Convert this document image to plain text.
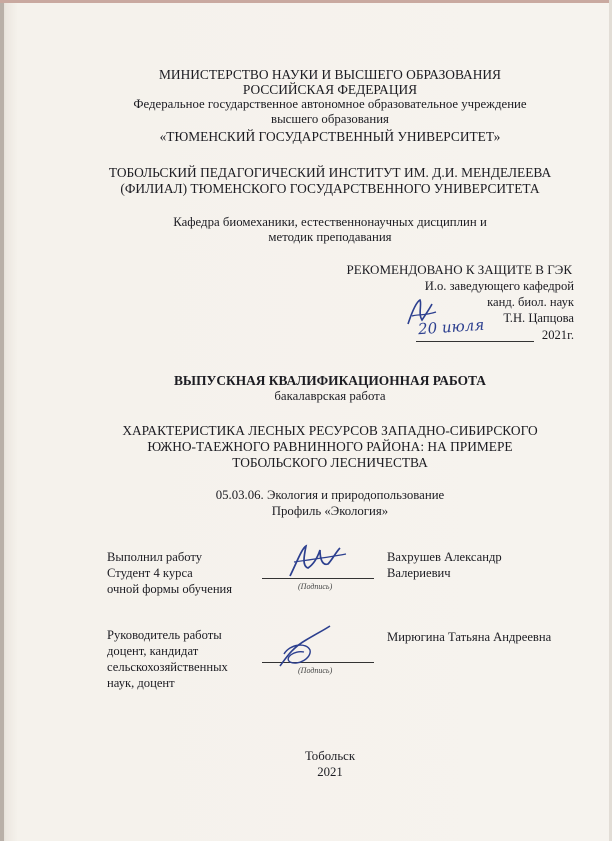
МИНИСТЕРСТВО НАУКИ И ВЫСШЕГО ОБРАЗОВАНИЯ
РОССИЙСКАЯ ФЕДЕРАЦИЯ
Федеральное государственное автономное образовательное учреждение
высшего образования
«ТЮМЕНСКИЙ ГОСУДАРСТВЕННЫЙ УНИВЕРСИТЕТ»
ТОБОЛЬСКИЙ ПЕДАГОГИЧЕСКИЙ ИНСТИТУТ ИМ. Д.И. МЕНДЕЛЕЕВА
(ФИЛИАЛ) ТЮМЕНСКОГО ГОСУДАРСТВЕННОГО УНИВЕРСИТЕТА
Кафедра биомеханики, естественнонаучных дисциплин и
методик преподавания
РЕКОМЕНДОВАНО К ЗАЩИТЕ В ГЭК
И.о. заведующего кафедрой
канд. биол. наук
Т.Н. Цапцова
2021г.
20 июля
ВЫПУСКНАЯ КВАЛИФИКАЦИОННАЯ РАБОТА
бакалаврская работа
ХАРАКТЕРИСТИКА ЛЕСНЫХ РЕСУРСОВ ЗАПАДНО-СИБИРСКОГО
ЮЖНО-ТАЕЖНОГО РАВНИННОГО РАЙОНА: НА ПРИМЕРЕ
ТОБОЛЬСКОГО ЛЕСНИЧЕСТВА
05.03.06. Экология и природопользование
Профиль «Экология»
Выполнил работу
Студент 4 курса
очной формы обучения	(Подпись)
Вахрушев Александр
Валериевич
Руководитель работы
доцент, кандидат
сельскохозяйственных
наук, доцент
(Подпись)
Мирюгина Татьяна Андреевна
Тобольск
2021
